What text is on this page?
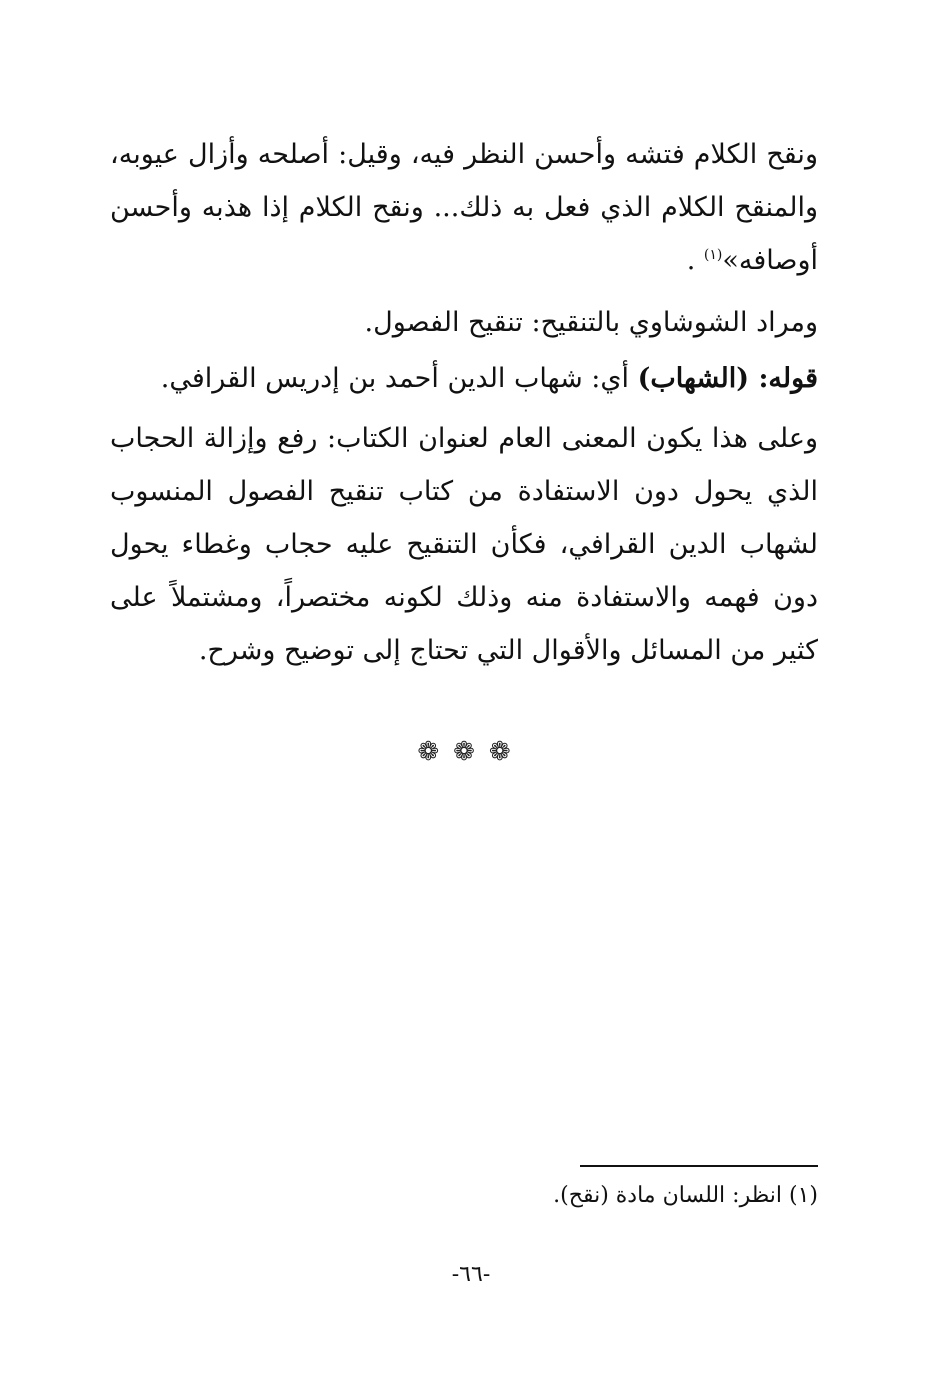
ونقح الكلام فتشه وأحسن النظر فيه، وقيل: أصلحه وأزال عيوبه، والمنقح الكلام الذي فعل به ذلك... ونقح الكلام إذا هذبه وأحسن أوصافه»$^{(١)}$ .

ومراد الشوشاوي بالتنقيح: تنقيح الفصول.

قوله: (الشهاب) أي: شهاب الدين أحمد بن إدريس القرافي.

وعلى هذا يكون المعنى العام لعنوان الكتاب: رفع وإزالة الحجاب الذي يحول دون الاستفادة من كتاب تنقيح الفصول المنسوب لشهاب الدين القرافي، فكأن التنقيح عليه حجاب وغطاء يحول دون فهمه والاستفادة منه وذلك لكونه مختصراً، ومشتملاً على كثير من المسائل والأقوال التي تحتاج إلى توضيح وشرح.

❁❁❁
(١) انظر: اللسان مادة (نقح).
-٦٦-
